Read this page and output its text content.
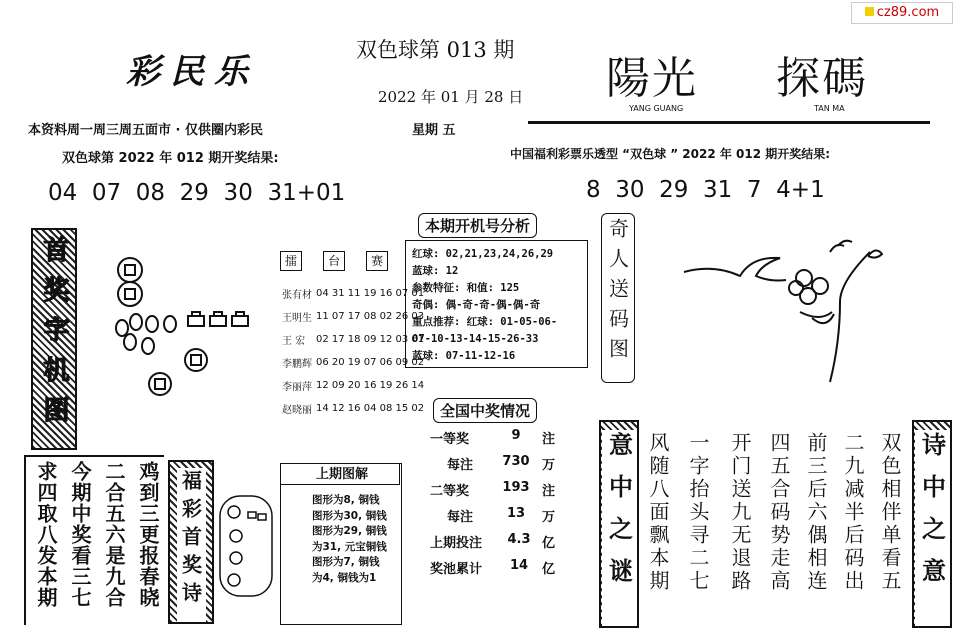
cz89.com
彩民乐
双色球第 013 期
2022 年 01 月 28 日 陽光 探碼
YANG GUANG	TAN MA
本资料周一周三周五面市 · 仅供圈内彩民	星期 五
双色球第 2022 年 012 期开奖结果:
04  07  08  29  30  31+01
中国福利彩票乐透型 “双色球 ” 2022 年 012 期开奖结果:
8  30  29  31  7  4+1
首奖字机图	擂	台	赛
张有材	04 31 11 19 16 07 01
王明生	11 07 17 08 02 26 03
王 宏	02 17 18 09 12 03 01
李鹏辉	06 20 19 07 06 09 02
李丽萍	12 09 20 16 19 26 14
赵晓丽	14 12 16 04 08 15 02
本期开机号分析
红球: 02,21,23,24,26,29
蓝球: 12
参数特征: 和值: 125
奇偶: 偶-奇-奇-偶-偶-奇
重点推荐: 红球: 01-05-06-
07-10-13-14-15-26-33
蓝球: 07-11-12-16	奇人送码图
全国中奖情况
一等奖	9	注
每注	730 万
二等奖	193 注
每注	13	万
上期投注	4.3 亿
奖池累计	14	亿
上期图解
图形为8, 铜钱
图形为30, 铜钱
图形为29, 铜钱
为31, 元宝铜钱
图形为7, 铜钱
为4, 铜钱为1
鸡到三更报春晓
二合五六是九合
今期中奖看三七
求四取八发本期	福彩首奖诗	意中之谜	诗中之意
双色相伴单看五
二九减半后码出
前三后六偶相连
四五合码势走高
开门送九无退路
一字抬头寻二七
风随八面飘本期
